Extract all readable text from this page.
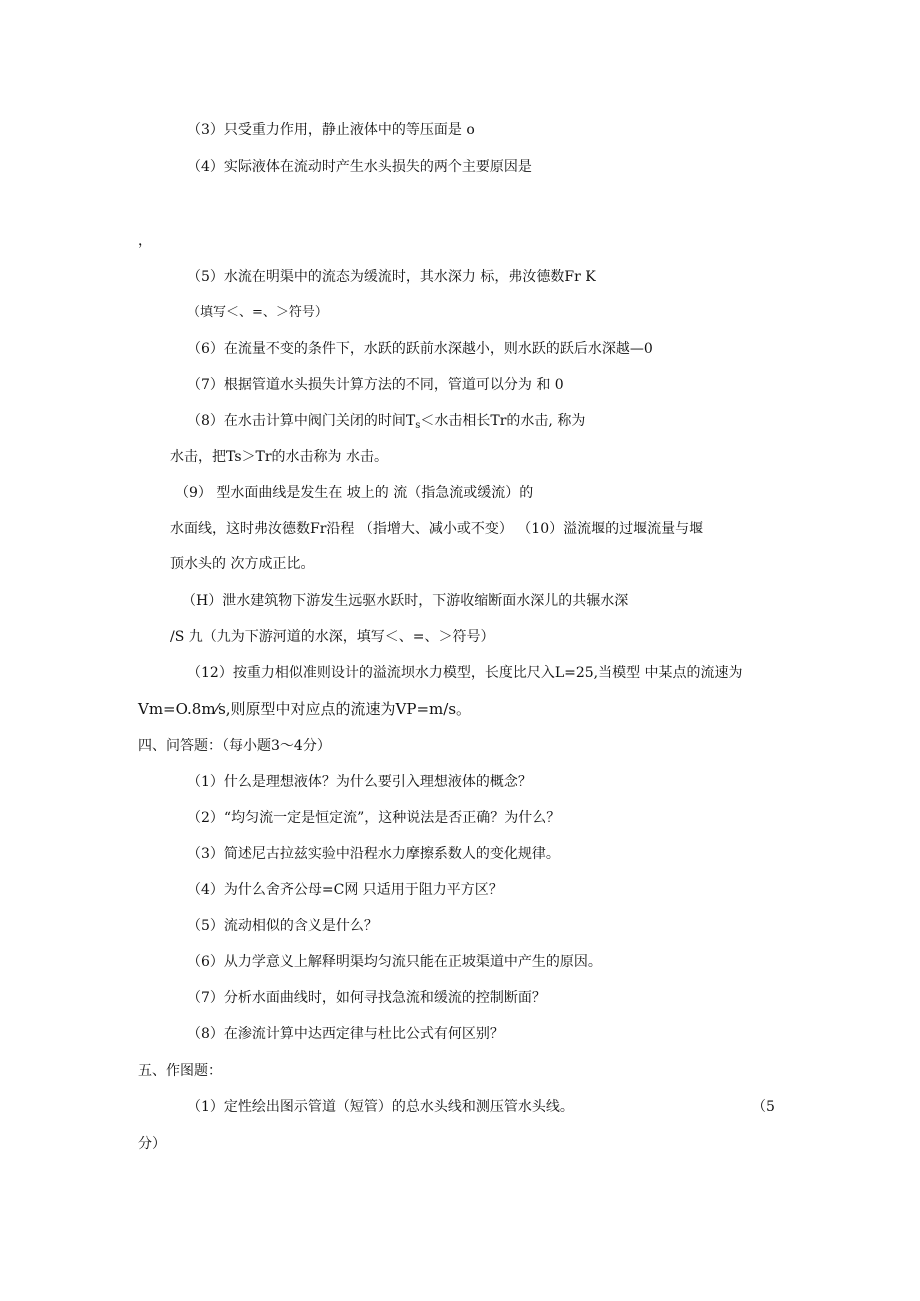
（3）只受重力作用，静止液体中的等压面是 o
（4）实际液体在流动时产生水头损失的两个主要原因是
，
（5）水流在明渠中的流态为缓流时，其水深力 标，弗汝德数Fr K
（填写＜、=、＞符号）
（6）在流量不变的条件下，水跃的跃前水深越小，则水跃的跃后水深越—0
（7）根据管道水头损失计算方法的不同，管道可以分为 和 0
（8）在水击计算中阀门关闭的时间$T_s<$水击相长Tr的水击, 称为
水击，把Ts＞Tr的水击称为 水击。
（9） 型水面曲线是发生在 坡上的 流（指急流或缓流）的
水面线，这时弗汝德数Fr沿程 （指增大、减小或不变） （10）溢流堰的过堰流量与堰
顶水头的 次方成正比。
（H）泄水建筑物下游发生远驱水跃时，下游收缩断面水深儿的共辗水深
/S 九（九为下游河道的水深，填写＜、=、＞符号）
（12）按重力相似准则设计的溢流坝水力模型，长度比尺入L=25,当模型 中某点的流速为
Vm=O.8m⁄s,则原型中对应点的流速为VP=m/s。
四、问答题：（每小题3～4分）
（1）什么是理想液体？为什么要引入理想液体的概念？
（2）“均匀流一定是恒定流”，这种说法是否正确？为什么？
（3）简述尼古拉兹实验中沿程水力摩擦系数人的变化规律。
（4）为什么舍齐公母=C网 只适用于阻力平方区？
（5）流动相似的含义是什么？
（6）从力学意义上解释明渠均匀流只能在正坡渠道中产生的原因。
（7）分析水面曲线时，如何寻找急流和缓流的控制断面？
（8）在渗流计算中达西定律与杜比公式有何区别？
五、作图题：
（1）定性绘出图示管道（短管）的总水头线和测压管水头线。	（5
分）
